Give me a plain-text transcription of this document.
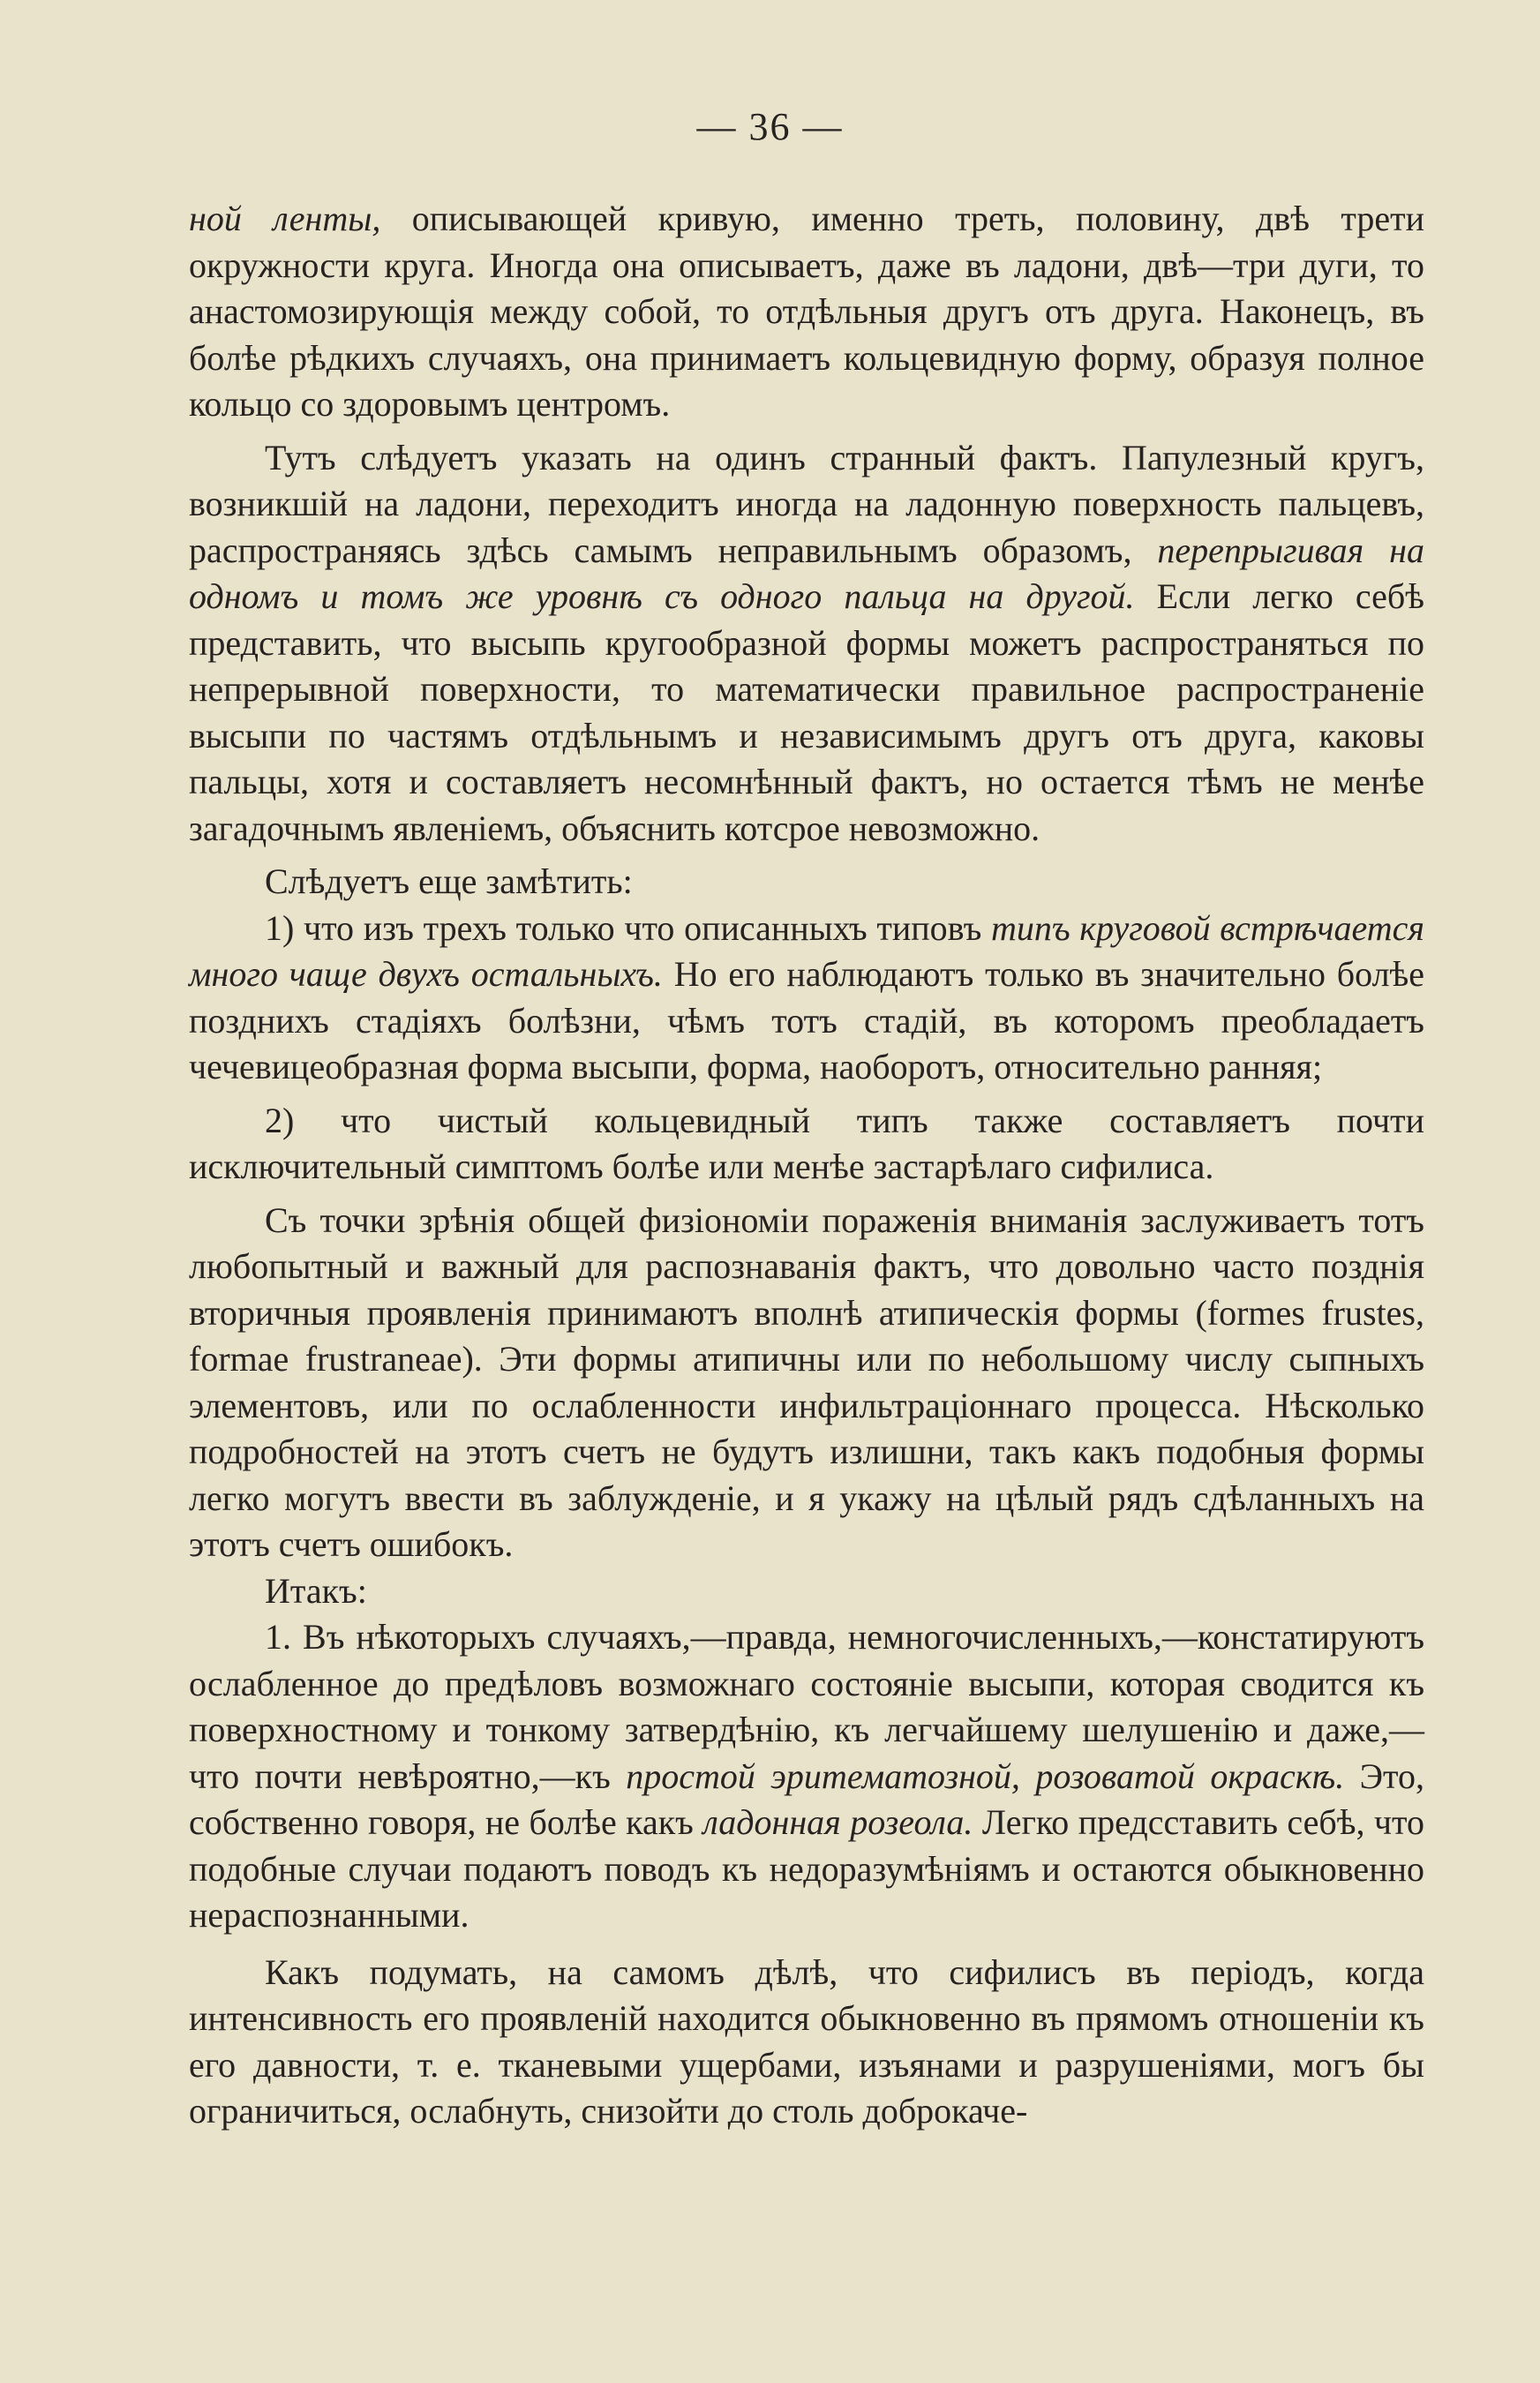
— 36 —

ной ленты, описывающей кривую, именно треть, половину, двѣ трети окружности круга. Иногда она описываетъ, даже въ ладони, двѣ—три дуги, то анастомозирующія между собой, то отдѣльныя другъ отъ друга. Наконецъ, въ болѣе рѣдкихъ случаяхъ, она принимаетъ кольцевидную форму, образуя полное кольцо со здоровымъ центромъ.

Тутъ слѣдуетъ указать на одинъ странный фактъ. Папулезный кругъ, возникшій на ладони, переходитъ иногда на ладонную поверхность пальцевъ, распространяясь здѣсь самымъ неправильнымъ образомъ, перепрыгивая на одномъ и томъ же уровнѣ съ одного пальца на другой. Если легко себѣ представить, что высыпь кругообразной формы можетъ распространяться по непрерывной поверхности, то математически правильное распространеніе высыпи по частямъ отдѣльнымъ и независимымъ другъ отъ друга, каковы пальцы, хотя и составляетъ несомнѣнный фактъ, но остается тѣмъ не менѣе загадочнымъ явленіемъ, объяснить котсрое невозможно.

Слѣдуетъ еще замѣтить:

1) что изъ трехъ только что описанныхъ типовъ типъ круговой встрѣчается много чаще двухъ остальныхъ. Но его наблюдаютъ только въ значительно болѣе позднихъ стадіяхъ болѣзни, чѣмъ тотъ стадій, въ которомъ преобладаетъ чечевицеобразная форма высыпи, форма, наоборотъ, относительно ранняя;

2) что чистый кольцевидный типъ также составляетъ почти исключительный симптомъ болѣе или менѣе застарѣлаго сифилиса.

Съ точки зрѣнія общей физіономіи пораженія вниманія заслуживаетъ тотъ любопытный и важный для распознаванія фактъ, что довольно часто позднія вторичныя проявленія принимаютъ вполнѣ атипическія формы (formes frustes, formae frustraneae). Эти формы атипичны или по небольшому числу сыпныхъ элементовъ, или по ослабленности инфильтраціоннаго процесса. Нѣсколько подробностей на этотъ счетъ не будутъ излишни, такъ какъ подобныя формы легко могутъ ввести въ заблужденіе, и я укажу на цѣлый рядъ сдѣланныхъ на этотъ счетъ ошибокъ.

Итакъ:

1. Въ нѣкоторыхъ случаяхъ,—правда, немногочисленныхъ,—констатируютъ ослабленное до предѣловъ возможнаго состояніе высыпи, которая сводится къ поверхностному и тонкому затвердѣнію, къ легчайшему шелушенію и даже,—что почти невѣроятно,—къ простой эритематозной, розоватой окраскѣ. Это, собственно говоря, не болѣе какъ ладонная розеола. Легко предсставить себѣ, что подобные случаи подаютъ поводъ къ недоразумѣніямъ и остаются обыкновенно нераспознанными.

Какъ подумать, на самомъ дѣлѣ, что сифилисъ въ періодъ, когда интенсивность его проявленій находится обыкновенно въ прямомъ отношеніи къ его давности, т. е. тканевыми ущербами, изъянами и разрушеніями, могъ бы ограничиться, ослабнуть, снизойти до столь доброкаче-
